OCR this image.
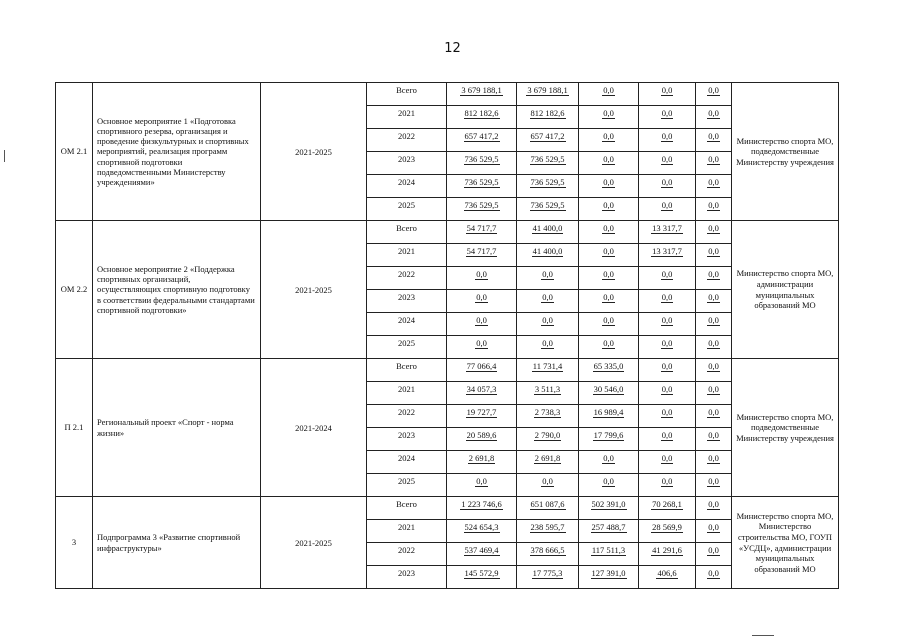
12
ОМ 2.1	Основное мероприятие 1 «Подготовка спортивного резерва, организация и проведение физкультурных и спортивных мероприятий, реализация программ спортивной подготовки подведомственными Министерству учреждениями»	2021-2025	Всего	3 679 188,1	3 679 188,1	0,0	0,0	0,0	Министерство спорта МО, подведомственные Министерству учреждения
			2021	812 182,6	812 182,6	0,0	0,0	0,0	
			2022	657 417,2	657 417,2	0,0	0,0	0,0	
			2023	736 529,5	736 529,5	0,0	0,0	0,0	
			2024	736 529,5	736 529,5	0,0	0,0	0,0	
			2025	736 529,5	736 529,5	0,0	0,0	0,0	
ОМ 2.2	Основное мероприятие 2 «Поддержка спортивных организаций, осуществляющих спортивную подготовку в соответствии федеральными стандартами спортивной подготовки»	2021-2025	Всего	54 717,7	41 400,0	0,0	13 317,7	0,0	Министерство спорта МО, администрации муниципальных образований МО
			2021	54 717,7	41 400,0	0,0	13 317,7	0,0	
			2022	0,0	0,0	0,0	0,0	0,0	
			2023	0,0	0,0	0,0	0,0	0,0	
			2024	0,0	0,0	0,0	0,0	0,0	
			2025	0,0	0,0	0,0	0,0	0,0	
П 2.1	Региональный проект «Спорт - норма жизни»	2021-2024	Всего	77 066,4	11 731,4	65 335,0	0,0	0,0	Министерство спорта МО, подведомственные Министерству учреждения
			2021	34 057,3	3 511,3	30 546,0	0,0	0,0	
			2022	19 727,7	2 738,3	16 989,4	0,0	0,0	
			2023	20 589,6	2 790,0	17 799,6	0,0	0,0	
			2024	2 691,8	2 691,8	0,0	0,0	0,0	
			2025	0,0	0,0	0,0	0,0	0,0	
3	Подпрограмма 3 «Развитие спортивной инфраструктуры»	2021-2025	Всего	1 223 746,6	651 087,6	502 391,0	70 268,1	0,0	Министерство спорта МО, Министерство строительства МО, ГОУП «УСДЦ», администрации муниципальных образований МО
			2021	524 654,3	238 595,7	257 488,7	28 569,9	0,0	
			2022	537 469,4	378 666,5	117 511,3	41 291,6	0,0	
			2023	145 572,9	17 775,3	127 391,0	406,6	0,0	
